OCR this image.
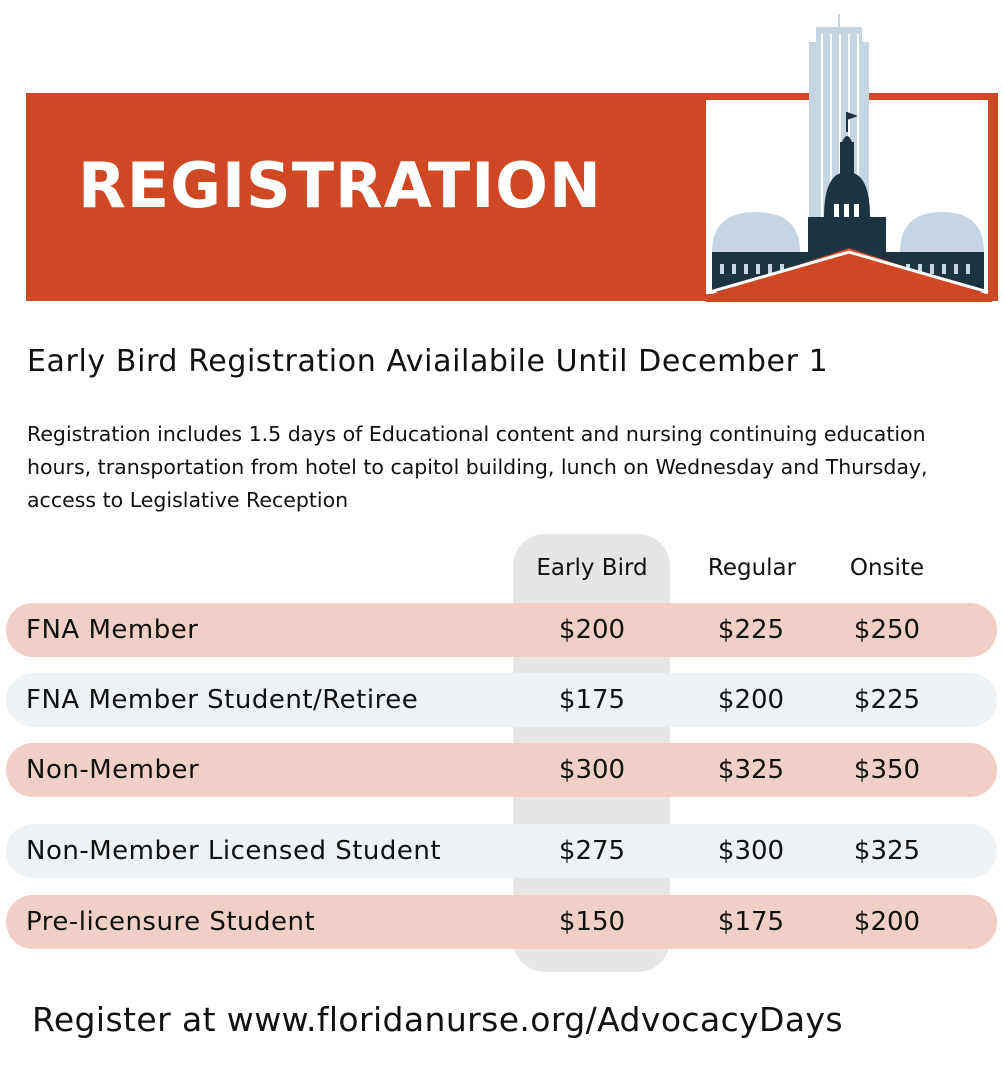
REGISTRATION
Early Bird Registration Aviailabile Until December 1

Registration includes 1.5 days of Educational content and nursing continuing education hours, transportation from hotel to capitol building, lunch on Wednesday and Thursday, access to Legislative Reception

Early Bird	Regular	Onsite
FNA Member	$200	$225	$250
FNA Member Student/Retiree	$175	$200	$225
Non-Member	$300	$325	$350
Non-Member Licensed Student	$275	$300	$325
Pre-licensure Student	$150	$175	$200

Register at www.floridanurse.org/AdvocacyDays
